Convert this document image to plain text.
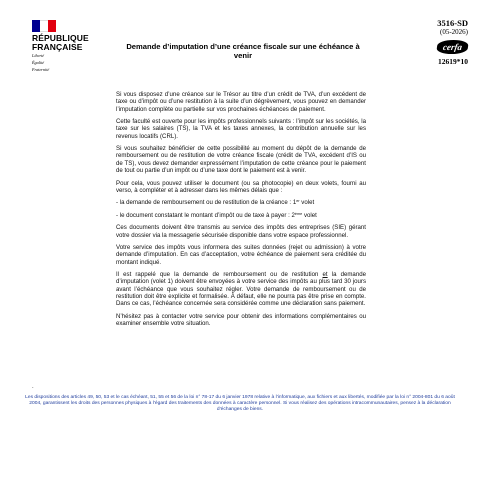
RÉPUBLIQUE
FRANÇAISE
Liberté
Égalité
Fraternité
Demande d’imputation d’une créance fiscale sur une échéance à venir
3516-SD
(05-2026)
cerfa
12619*10

Si vous disposez d’une créance sur le Trésor au titre d’un crédit de TVA, d’un excédent de taxe ou d’impôt ou d’une restitution à la suite d’un dégrèvement, vous pouvez en demander l’imputation complète ou partielle sur vos prochaines échéances de paiement.

Cette faculté est ouverte pour les impôts professionnels suivants : l’impôt sur les sociétés, la taxe sur les salaires (TS), la TVA et les taxes annexes, la contribution annuelle sur les revenus locatifs (CRL).

Si vous souhaitez bénéficier de cette possibilité au moment du dépôt de la demande de remboursement ou de restitution de votre créance fiscale (crédit de TVA, excédent d’IS ou de TS), vous devez demander expressément l’imputation de cette créance pour le paiement de tout ou partie d’un impôt ou d’une taxe dont le paiement est à venir.

Pour cela, vous pouvez utiliser le document (ou sa photocopie) en deux volets, fourni au verso, à compléter et à adresser dans les mêmes délais que :

- la demande de remboursement ou de restitution de la créance : 1er volet

- le document constatant le montant d’impôt ou de taxe à payer : 2ème volet

Ces documents doivent être transmis au service des impôts des entreprises (SIE) gérant votre dossier via la messagerie sécurisée disponible dans votre espace professionnel.

Votre service des impôts vous informera des suites données (rejet ou admission) à votre demande d’imputation. En cas d’acceptation, votre échéance de paiement sera créditée du montant indiqué.

Il est rappelé que la demande de remboursement ou de restitution et la demande d’imputation (volet 1) doivent être envoyées à votre service des impôts au plus tard 30 jours avant l’échéance que vous souhaitez régler. Votre demande de remboursement ou de restitution doit être explicite et formalisée. À défaut, elle ne pourra pas être prise en compte. Dans ce cas, l’échéance concernée sera considérée comme une déclaration sans paiement.

N’hésitez pas à contacter votre service pour obtenir des informations complémentaires ou examiner ensemble votre situation.

.
Les dispositions des articles 49, 50, 53 et le cas échéant, 51, 55 et 56 de la loi n° 78-17 du 6 janvier 1978 relative à l’informatique, aux fichiers et aux libertés, modifiée par la loi n° 2004-801 du 6 août 2004, garantissent les droits des personnes physiques à l’égard des traitements des données à caractère personnel. Si vous réalisez des opérations intracommunautaires, pensez à la déclaration d’échanges de biens.
